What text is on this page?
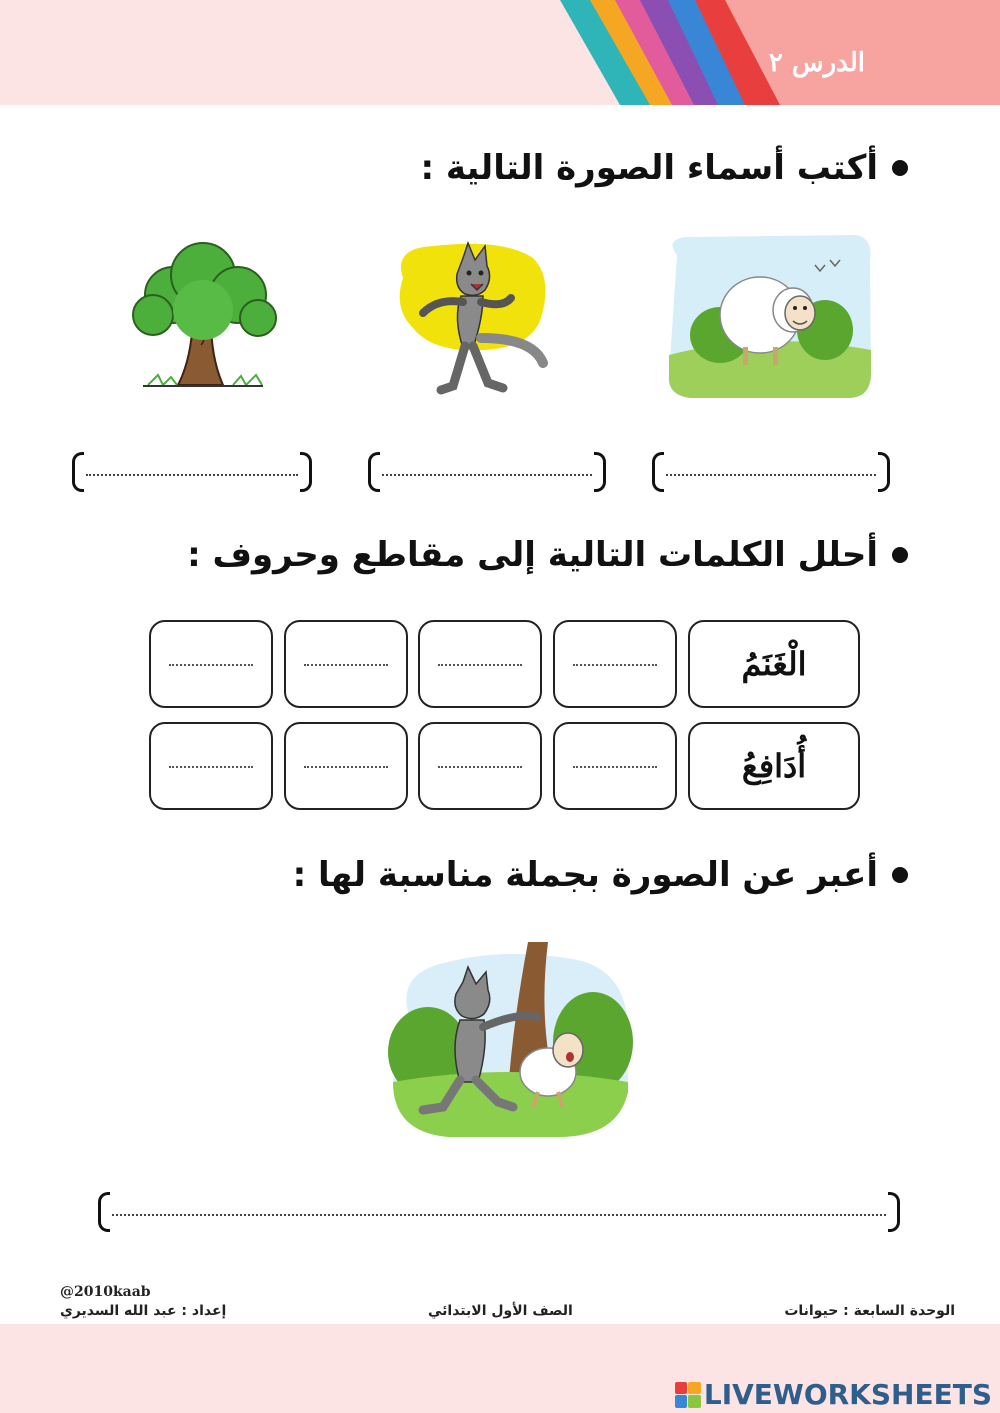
الدرس ٢
أكتب أسماء الصورة التالية :
أحلل الكلمات التالية إلى مقاطع وحروف :
الْغَنَمُ
أُدَافِعُ
أعبر عن الصورة بجملة مناسبة لها :
@2010kaab
إعداد : عبد الله السديري	الصف الأول الابتدائي	الوحدة السابعة : حيوانات
LIVEWORKSHEETS
